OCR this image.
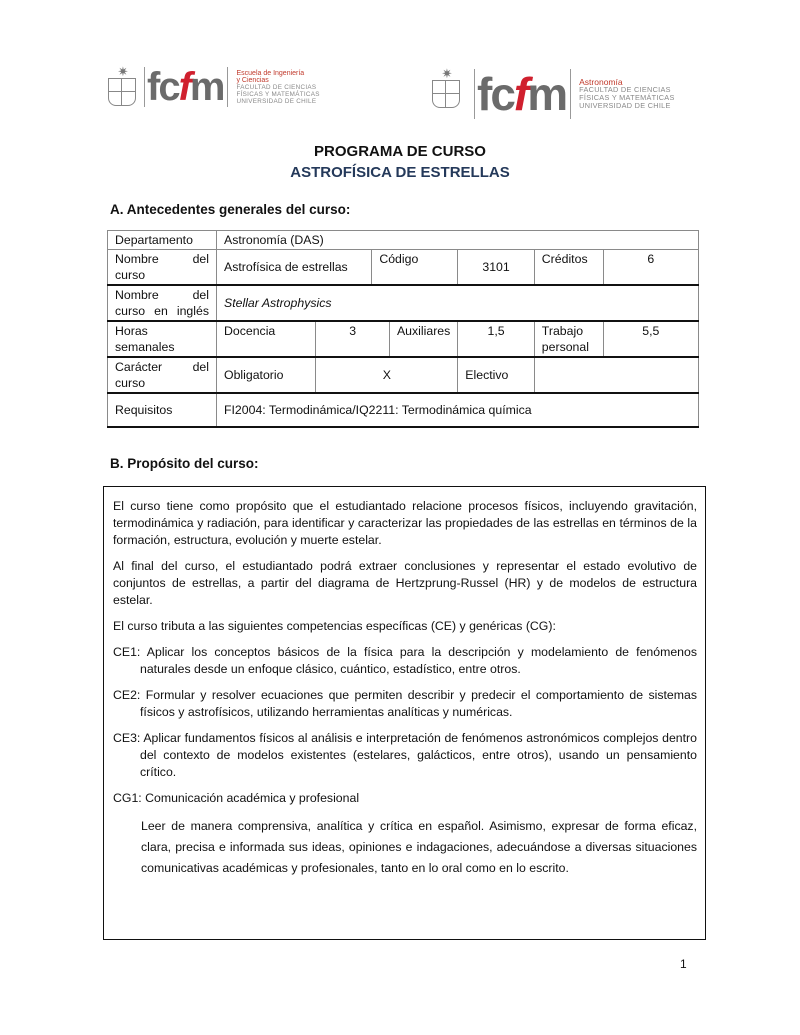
✷ fcfm Escuela de Ingeniería
y Ciencias
FACULTAD DE CIENCIAS
FÍSICAS Y MATEMÁTICAS
UNIVERSIDAD DE CHILE
✷ fcfm Astronomía
FACULTAD DE CIENCIAS
FÍSICAS Y MATEMÁTICAS
UNIVERSIDAD DE CHILE
PROGRAMA DE CURSO
ASTROFÍSICA DE ESTRELLAS
A. Antecedentes generales del curso:
Departamento	Astronomía (DAS)						

Nombre del curso	Astrofísica de estrellas		Código		3101	Créditos	6

Nombre del curso en inglés	Stellar Astrophysics						
Horas semanales	Docencia	3		Auxiliares	1,5	Trabajo personal	5,5

Carácter del curso	Obligatorio	X			Electivo		
Requisitos	FI2004: Termodinámica/IQ2211: Termodinámica química						
B. Propósito del curso:

El curso tiene como propósito que el estudiantado relacione procesos físicos, incluyendo gravitación, termodinámica y radiación, para identificar y caracterizar las propiedades de las estrellas en términos de la formación, estructura, evolución y muerte estelar.

Al final del curso, el estudiantado podrá extraer conclusiones y representar el estado evolutivo de conjuntos de estrellas, a partir del diagrama de Hertzprung-Russel (HR) y de modelos de estructura estelar.

El curso tributa a las siguientes competencias específicas (CE) y genéricas (CG):

CE1: Aplicar los conceptos básicos de la física para la descripción y modelamiento de fenómenos naturales desde un enfoque clásico, cuántico, estadístico, entre otros.

CE2: Formular y resolver ecuaciones que permiten describir y predecir el comportamiento de sistemas físicos y astrofísicos, utilizando herramientas analíticas y numéricas.

CE3: Aplicar fundamentos físicos al análisis e interpretación de fenómenos astronómicos complejos dentro del contexto de modelos existentes (estelares, galácticos, entre otros), usando un pensamiento crítico.

CG1: Comunicación académica y profesional

Leer de manera comprensiva, analítica y crítica en español. Asimismo, expresar de forma eficaz, clara, precisa e informada sus ideas, opiniones e indagaciones, adecuándose a diversas situaciones comunicativas académicas y profesionales, tanto en lo oral como en lo escrito.

1
